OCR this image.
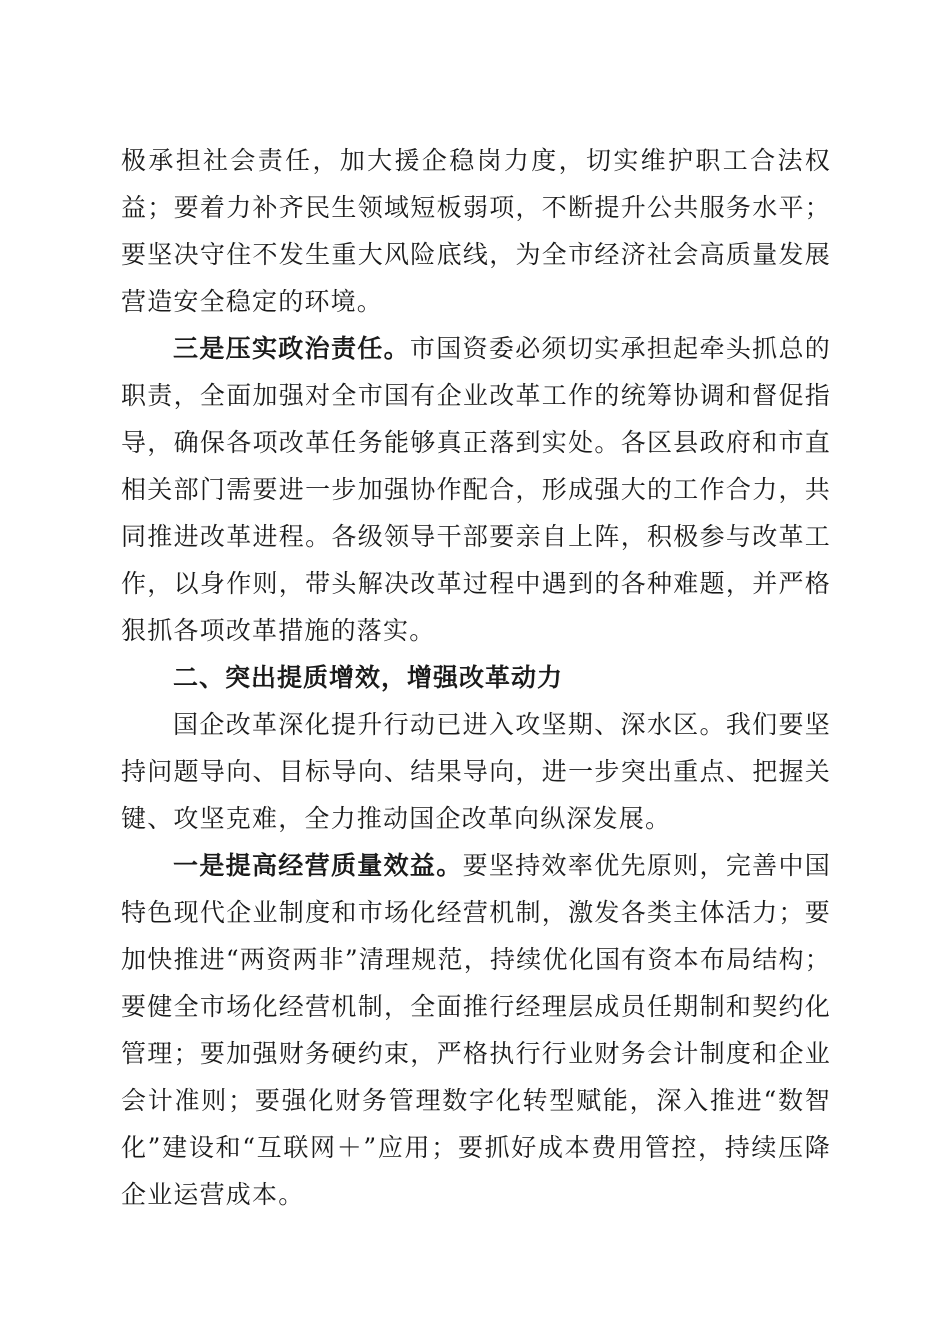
极承担社会责任，加大援企稳岗力度，切实维护职工合法权益；要着力补齐民生领域短板弱项，不断提升公共服务水平；要坚决守住不发生重大风险底线，为全市经济社会高质量发展营造安全稳定的环境。

三是压实政治责任。市国资委必须切实承担起牵头抓总的职责，全面加强对全市国有企业改革工作的统筹协调和督促指导，确保各项改革任务能够真正落到实处。各区县政府和市直相关部门需要进一步加强协作配合，形成强大的工作合力，共同推进改革进程。各级领导干部要亲自上阵，积极参与改革工作，以身作则，带头解决改革过程中遇到的各种难题，并严格狠抓各项改革措施的落实。

二、突出提质增效，增强改革动力

国企改革深化提升行动已进入攻坚期、深水区。我们要坚持问题导向、目标导向、结果导向，进一步突出重点、把握关键、攻坚克难，全力推动国企改革向纵深发展。

一是提高经营质量效益。要坚持效率优先原则，完善中国特色现代企业制度和市场化经营机制，激发各类主体活力；要加快推进“两资两非”清理规范，持续优化国有资本布局结构；要健全市场化经营机制，全面推行经理层成员任期制和契约化管理；要加强财务硬约束，严格执行行业财务会计制度和企业会计准则；要强化财务管理数字化转型赋能，深入推进“数智化”建设和“互联网＋”应用；要抓好成本费用管控，持续压降企业运营成本。
